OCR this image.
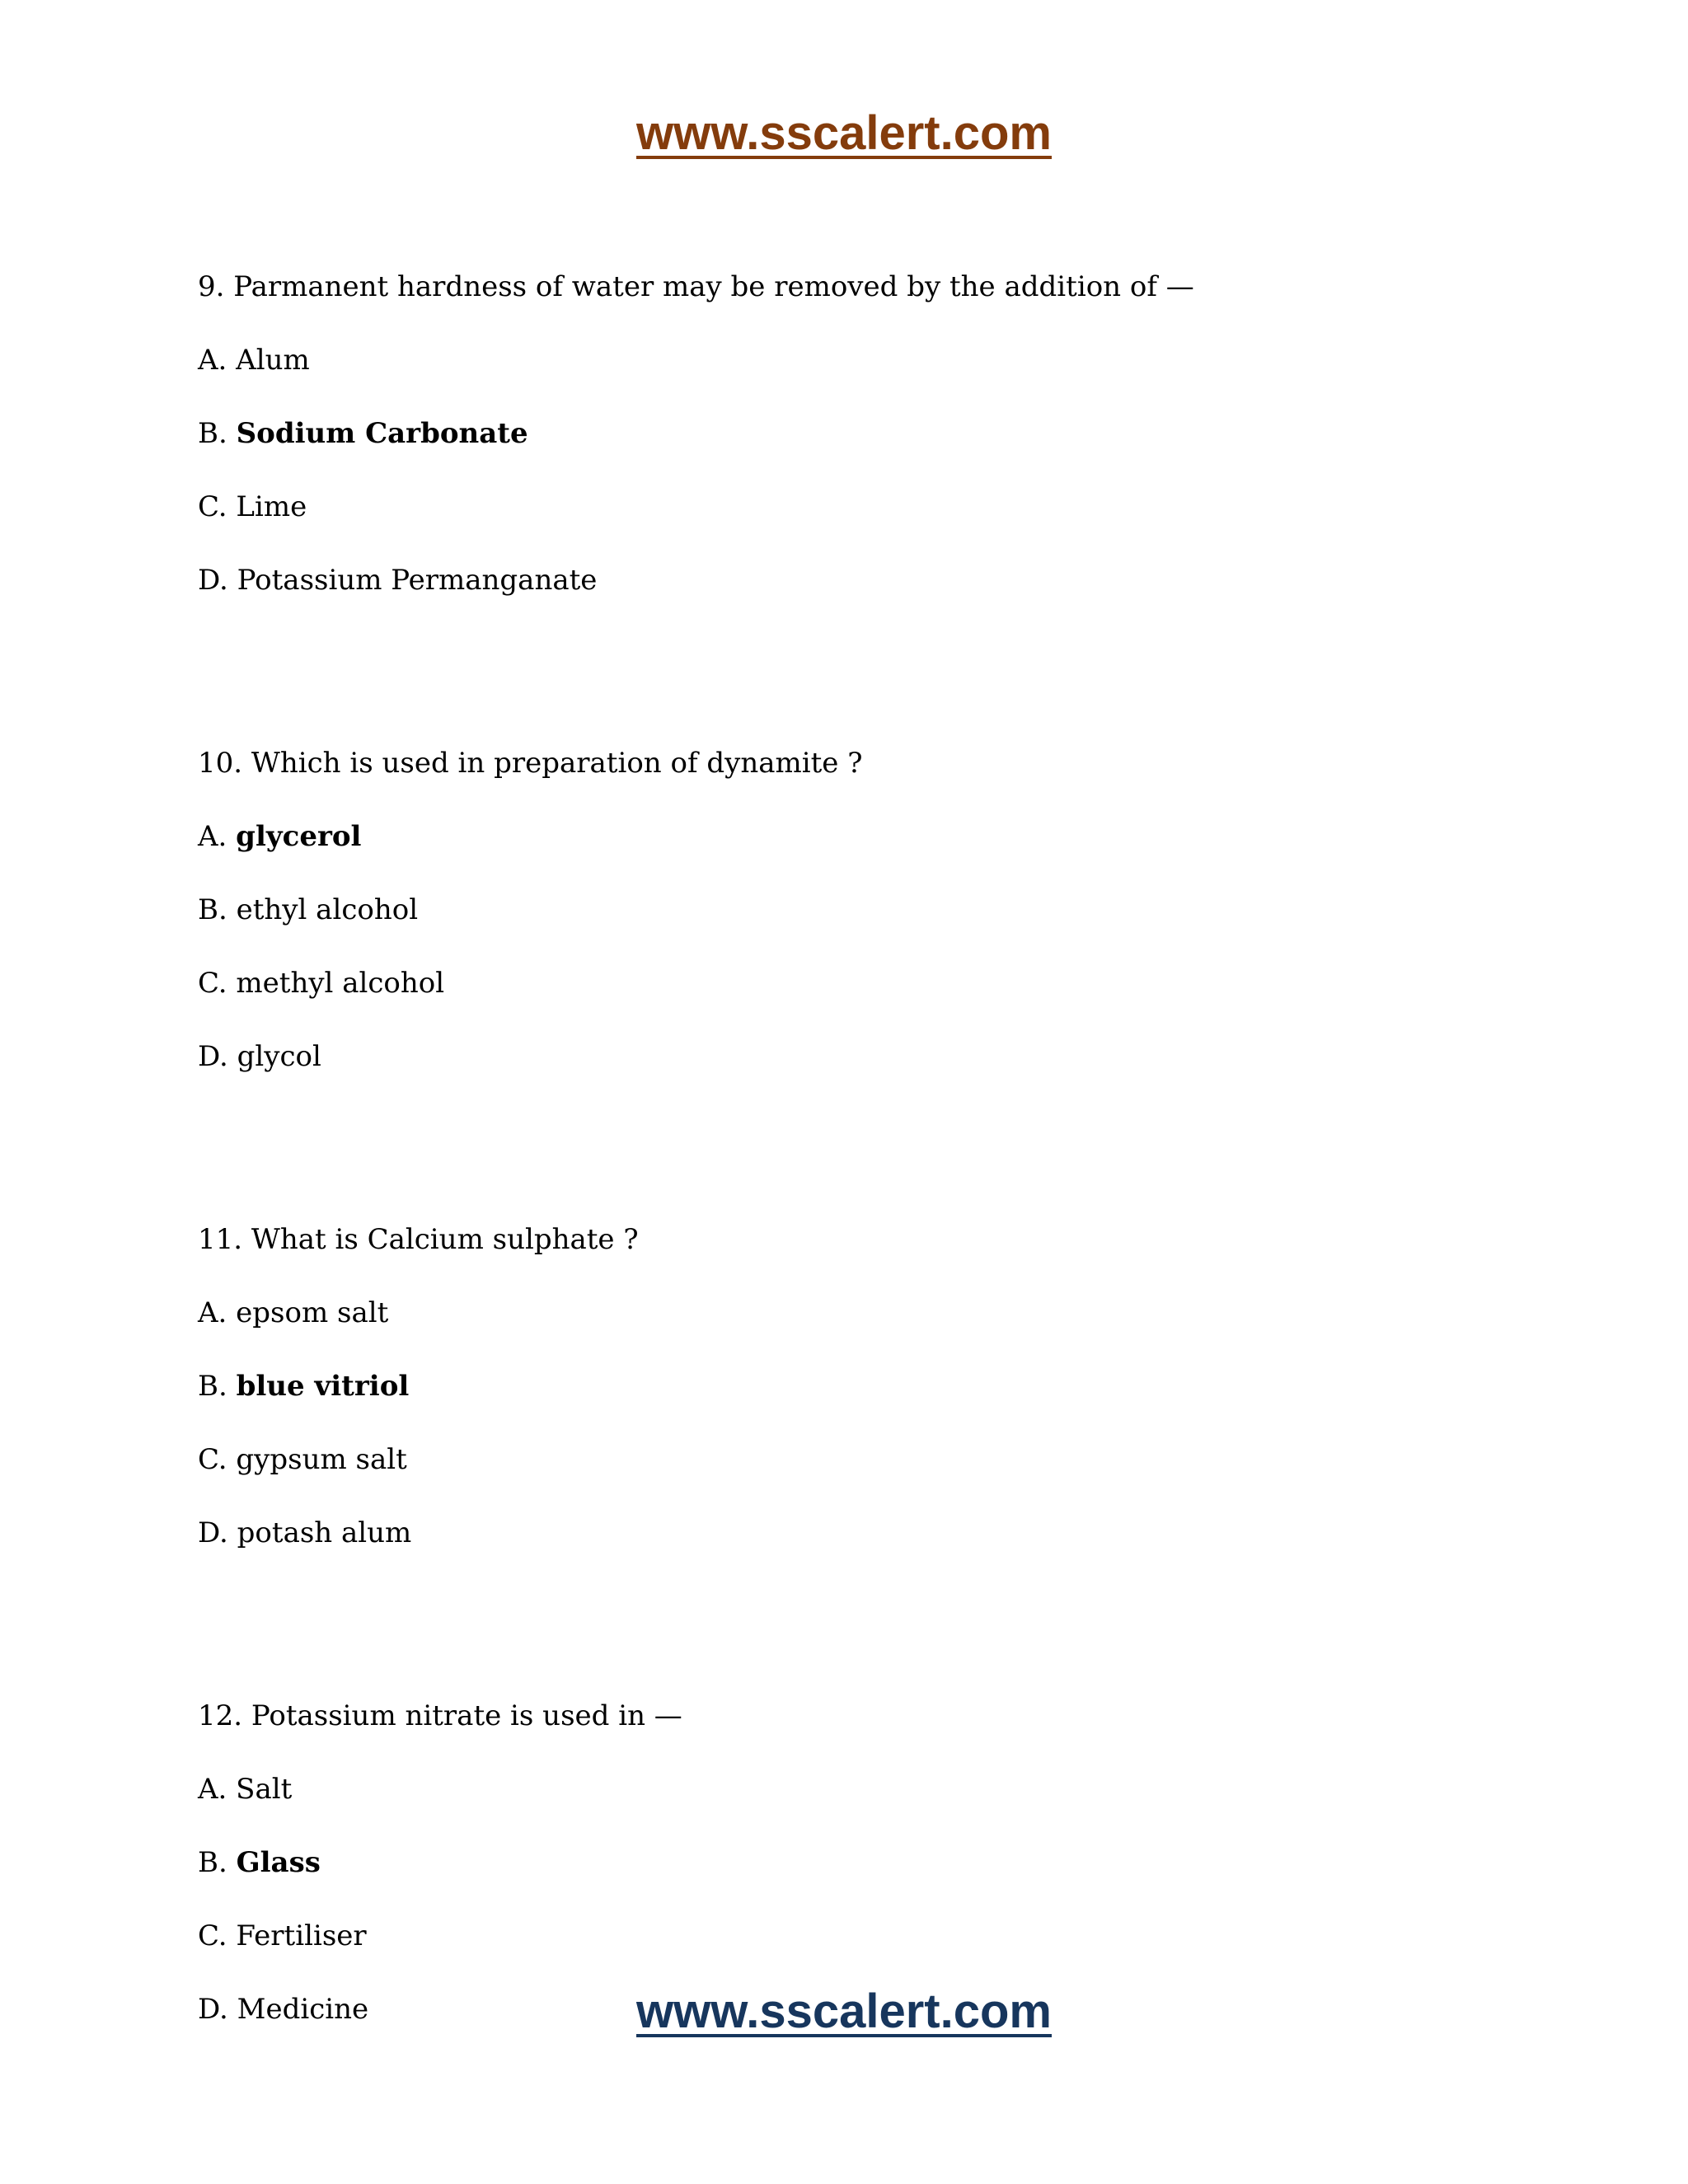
www.sscalert.com
9. Parmanent hardness of water may be removed by the addition of —
A. Alum
B. Sodium Carbonate
C. Lime
D. Potassium Permanganate
10. Which is used in preparation of dynamite ?
A. glycerol
B. ethyl alcohol
C. methyl alcohol
D. glycol
11. What is Calcium sulphate ?
A. epsom salt
B. blue vitriol
C. gypsum salt
D. potash alum
12. Potassium nitrate is used in —
A. Salt
B. Glass
C. Fertiliser
D. Medicine	www.sscalert.com
